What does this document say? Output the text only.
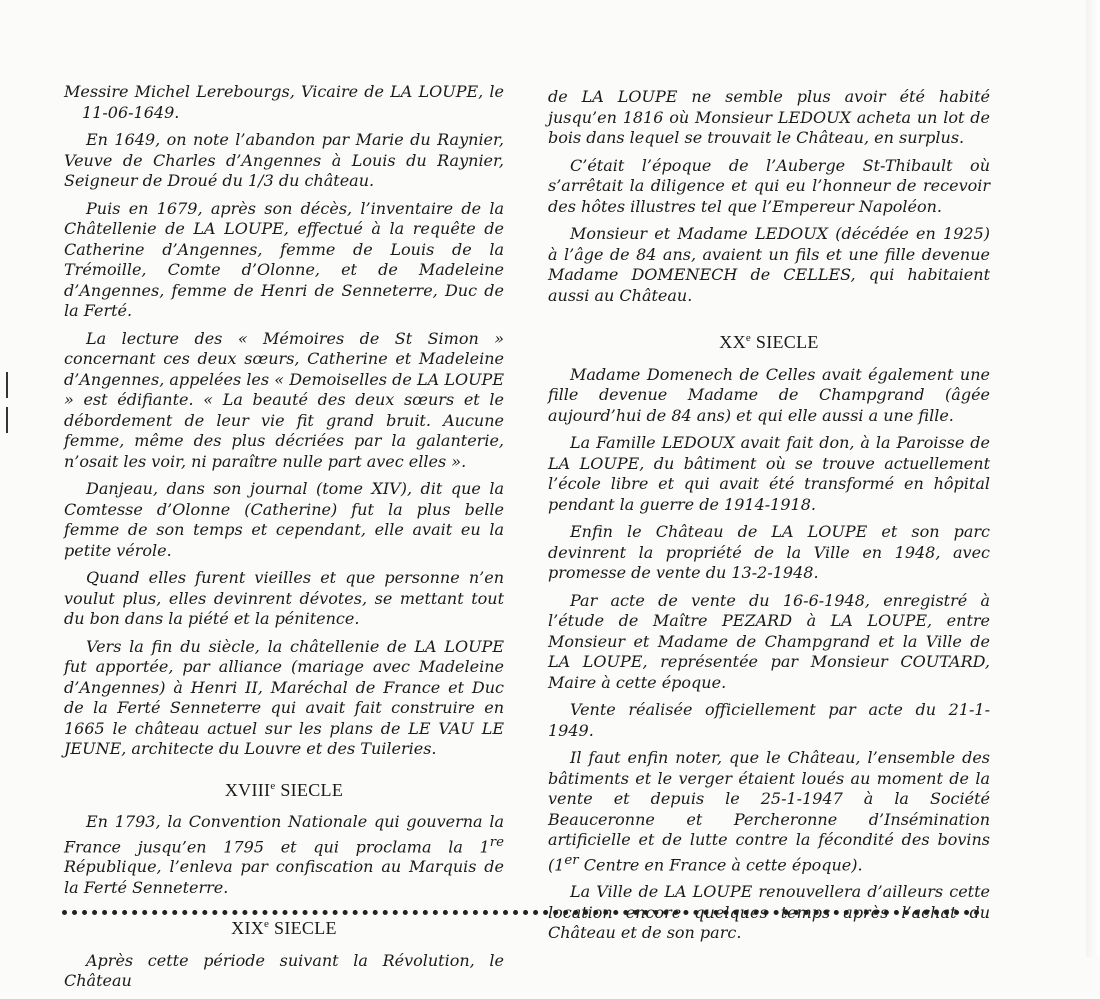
Messire Michel Lerebourgs, Vicaire de LA LOUPE, le 11-06-1649.

En 1649, on note l’abandon par Marie du Raynier, Veuve de Charles d’Angennes à Louis du Raynier, Seigneur de Droué du 1/3 du château.

Puis en 1679, après son décès, l’inventaire de la Châtellenie de LA LOUPE, effectué à la requête de Catherine d’Angennes, femme de Louis de la Trémoille, Comte d’Olonne, et de Madeleine d’Angennes, femme de Henri de Senneterre, Duc de la Ferté.

La lecture des « Mémoires de St Simon » concernant ces deux sœurs, Catherine et Madeleine d’Angennes, appelées les « Demoiselles de LA LOUPE » est édifiante. « La beauté des deux sœurs et le débordement de leur vie fit grand bruit. Aucune femme, même des plus décriées par la galanterie, n’osait les voir, ni paraître nulle part avec elles ».

Danjeau, dans son journal (tome XIV), dit que la Comtesse d’Olonne (Catherine) fut la plus belle femme de son temps et cependant, elle avait eu la petite vérole.

Quand elles furent vieilles et que personne n’en voulut plus, elles devinrent dévotes, se mettant tout du bon dans la piété et la pénitence.

Vers la fin du siècle, la châtellenie de LA LOUPE fut apportée, par alliance (mariage avec Madeleine d’Angennes) à Henri II, Maréchal de France et Duc de la Ferté Senneterre qui avait fait construire en 1665 le château actuel sur les plans de LE VAU LE JEUNE, architecte du Louvre et des Tuileries.

XVIIIe SIECLE

En 1793, la Convention Nationale qui gouverna la France jusqu’en 1795 et qui proclama la 1re République, l’enleva par confiscation au Marquis de la Ferté Senneterre.

XIXe SIECLE

Après cette période suivant la Révolution, le Château

de LA LOUPE ne semble plus avoir été habité jusqu’en 1816 où Monsieur LEDOUX acheta un lot de bois dans lequel se trouvait le Château, en surplus.

C’était l’époque de l’Auberge St-Thibault où s’arrêtait la diligence et qui eu l’honneur de recevoir des hôtes illustres tel que l’Empereur Napoléon.

Monsieur et Madame LEDOUX (décédée en 1925) à l’âge de 84 ans, avaient un fils et une fille devenue Madame DOMENECH de CELLES, qui habitaient aussi au Château.

XXe SIECLE

Madame Domenech de Celles avait également une fille devenue Madame de Champgrand (âgée aujourd’hui de 84 ans) et qui elle aussi a une fille.

La Famille LEDOUX avait fait don, à la Paroisse de LA LOUPE, du bâtiment où se trouve actuellement l’école libre et qui avait été transformé en hôpital pendant la guerre de 1914-1918.

Enfin le Château de LA LOUPE et son parc devinrent la propriété de la Ville en 1948, avec promesse de vente du 13-2-1948.

Par acte de vente du 16-6-1948, enregistré à l’étude de Maître PEZARD à LA LOUPE, entre Monsieur et Madame de Champgrand et la Ville de LA LOUPE, représentée par Monsieur COUTARD, Maire à cette époque.

Vente réalisée officiellement par acte du 21-1-1949.

Il faut enfin noter, que le Château, l’ensemble des bâtiments et le verger étaient loués au moment de la vente et depuis le 25-1-1947 à la Société Beauceronne et Percheronne d’Insémination artificielle et de lutte contre la fécondité des bovins (1er Centre en France à cette époque).

La Ville de LA LOUPE renouvellera d’ailleurs cette location encore quelques temps après l’achat du Château et de son parc.
